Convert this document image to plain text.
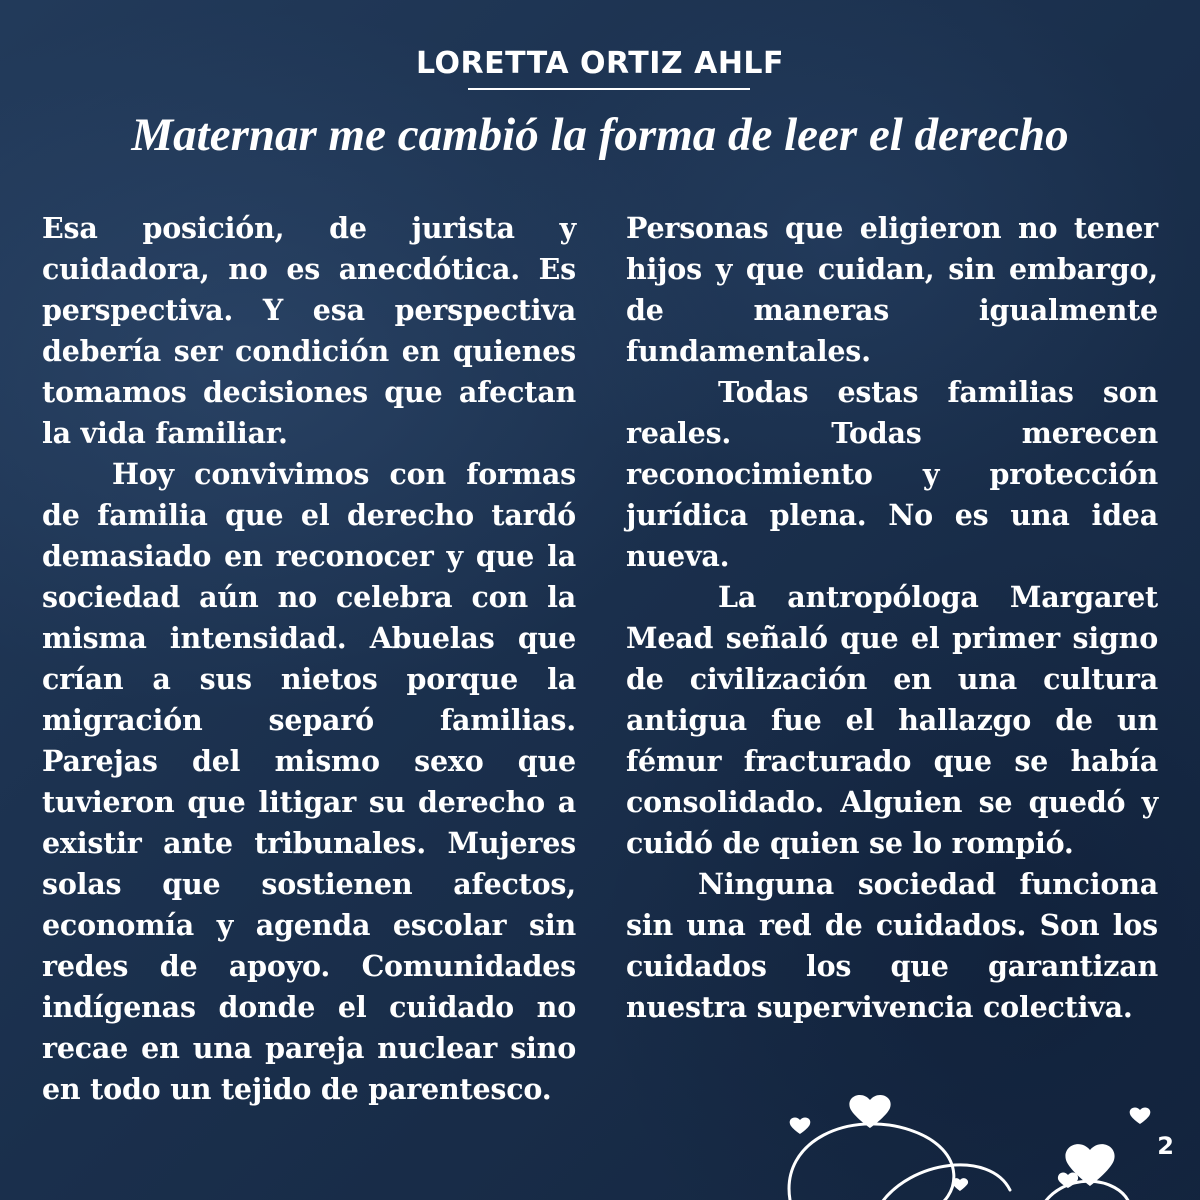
LORETTA ORTIZ AHLF
Maternar me cambió la forma de leer el derecho

Esa posición, de jurista y cuidadora, no es anecdótica. Es perspectiva. Y esa perspectiva debería ser condición en quienes tomamos decisiones que afectan la vida familiar.

Hoy convivimos con formas de familia que el derecho tardó demasiado en reconocer y que la sociedad aún no celebra con la misma intensidad. Abuelas que crían a sus nietos porque la migración separó familias. Parejas del mismo sexo que tuvieron que litigar su derecho a existir ante tribunales. Mujeres solas que sostienen afectos, economía y agenda escolar sin redes de apoyo. Comunidades indígenas donde el cuidado no recae en una pareja nuclear sino en todo un tejido de parentesco.

Personas que eligieron no tener hijos y que cuidan, sin embargo, de maneras igualmente fundamentales.

Todas estas familias son reales. Todas merecen reconocimiento y protección jurídica plena. No es una idea nueva.

La antropóloga Margaret Mead señaló que el primer signo de civilización en una cultura antigua fue el hallazgo de un fémur fracturado que se había consolidado. Alguien se quedó y cuidó de quien se lo rompió.

Ninguna sociedad funciona sin una red de cuidados. Son los cuidados los que garantizan nuestra supervivencia colectiva.

2
